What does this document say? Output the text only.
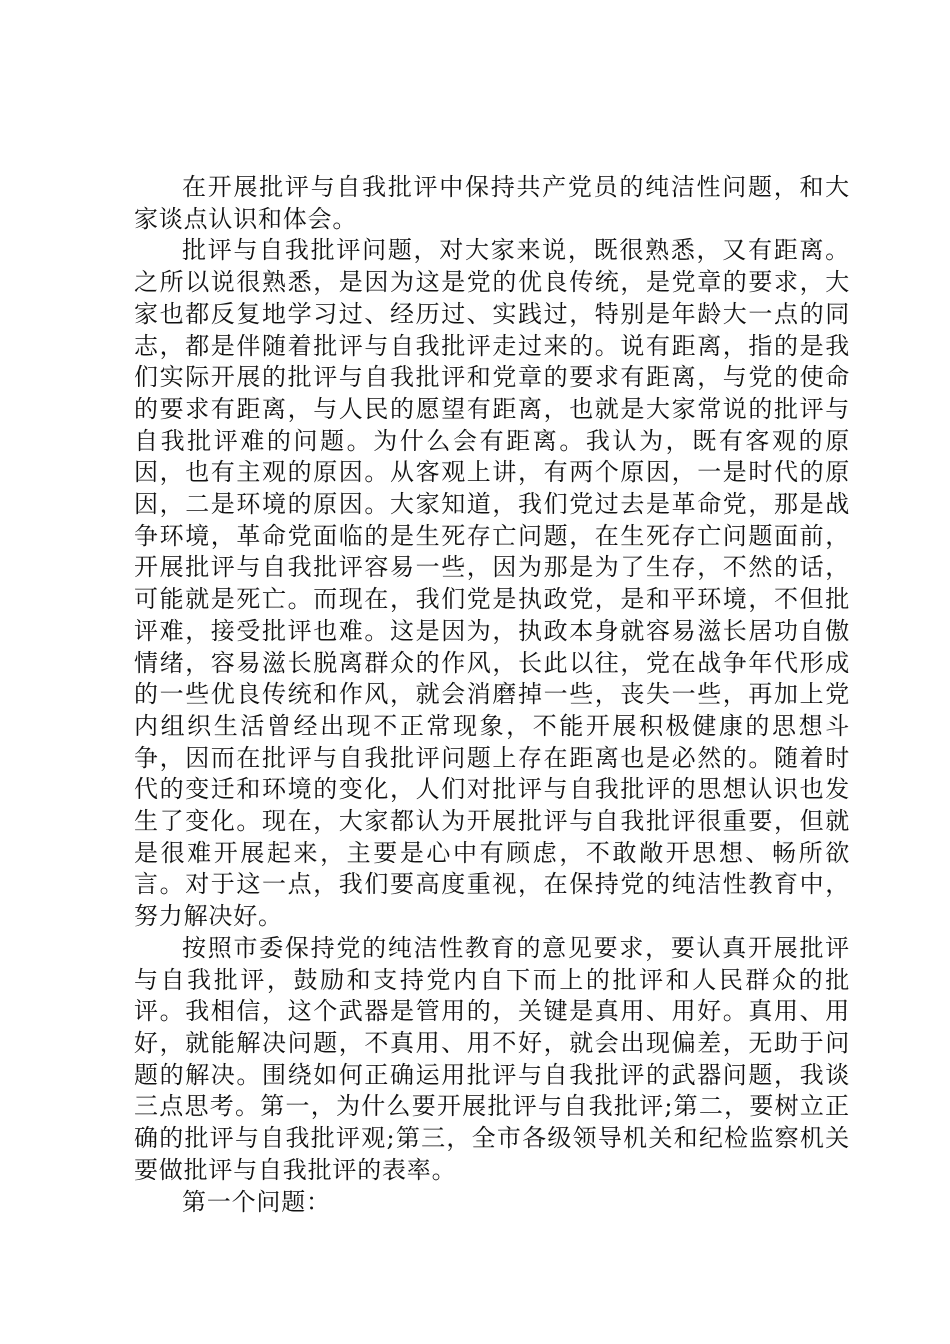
在开展批评与自我批评中保持共产党员的纯洁性问题，和大家谈点认识和体会。

批评与自我批评问题，对大家来说，既很熟悉，又有距离。之所以说很熟悉，是因为这是党的优良传统，是党章的要求，大家也都反复地学习过、经历过、实践过，特别是年龄大一点的同志，都是伴随着批评与自我批评走过来的。说有距离，指的是我们实际开展的批评与自我批评和党章的要求有距离，与党的使命的要求有距离，与人民的愿望有距离，也就是大家常说的批评与自我批评难的问题。为什么会有距离。我认为，既有客观的原因，也有主观的原因。从客观上讲，有两个原因，一是时代的原因，二是环境的原因。大家知道，我们党过去是革命党，那是战争环境，革命党面临的是生死存亡问题，在生死存亡问题面前，开展批评与自我批评容易一些，因为那是为了生存，不然的话，可能就是死亡。而现在，我们党是执政党，是和平环境，不但批评难，接受批评也难。这是因为，执政本身就容易滋长居功自傲情绪，容易滋长脱离群众的作风，长此以往，党在战争年代形成的一些优良传统和作风，就会消磨掉一些，丧失一些，再加上党内组织生活曾经出现不正常现象，不能开展积极健康的思想斗争，因而在批评与自我批评问题上存在距离也是必然的。随着时代的变迁和环境的变化，人们对批评与自我批评的思想认识也发生了变化。现在，大家都认为开展批评与自我批评很重要，但就是很难开展起来，主要是心中有顾虑，不敢敞开思想、畅所欲言。对于这一点，我们要高度重视，在保持党的纯洁性教育中，努力解决好。

按照市委保持党的纯洁性教育的意见要求，要认真开展批评与自我批评，鼓励和支持党内自下而上的批评和人民群众的批评。我相信，这个武器是管用的，关键是真用、用好。真用、用好，就能解决问题，不真用、用不好，就会出现偏差，无助于问题的解决。围绕如何正确运用批评与自我批评的武器问题，我谈三点思考。第一，为什么要开展批评与自我批评;第二，要树立正确的批评与自我批评观;第三，全市各级领导机关和纪检监察机关要做批评与自我批评的表率。

第一个问题：
